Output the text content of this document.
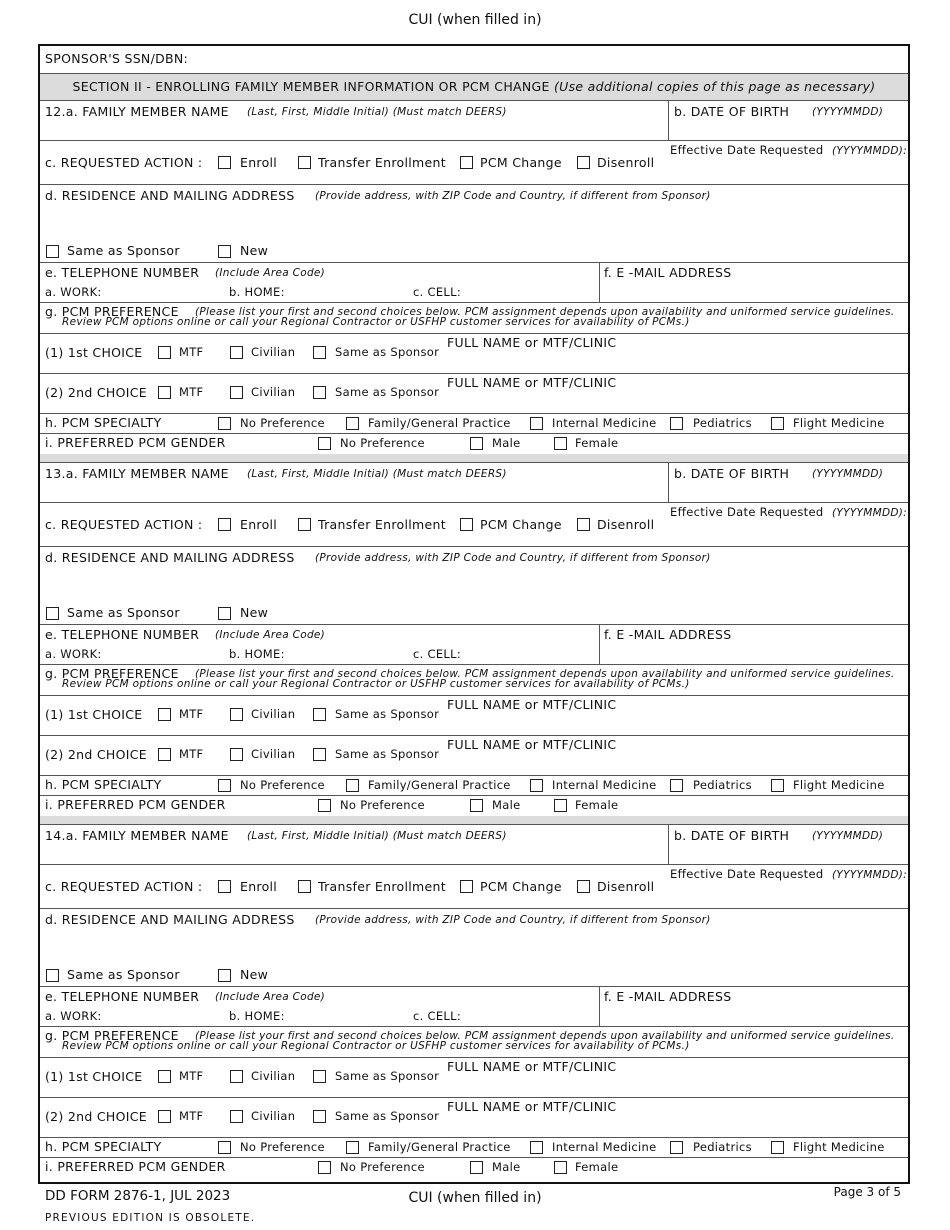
CUI (when filled in)
SPONSOR'S SSN/DBN:
SECTION II - ENROLLING FAMILY MEMBER INFORMATION OR PCM CHANGE (Use additional copies of this page as necessary)
12.a. FAMILY MEMBER NAME (Last, First, Middle Initial) (Must match DEERS)	b. DATE OF BIRTH (YYYYMMDD)
c. REQUESTED ACTION :	Enroll	Transfer Enrollment	PCM Change	Disenroll
Effective Date Requested (YYYYMMDD):
d. RESIDENCE AND MAILING ADDRESS (Provide address, with ZIP Code and Country, if different from Sponsor)
Same as Sponsor	New
e. TELEPHONE NUMBER (Include Area Code)
a. WORK:	b. HOME:	c. CELL:
f. E -MAIL ADDRESS
g. PCM PREFERENCE (Please list your first and second choices below. PCM assignment depends upon availability and uniformed service guidelines.
Review PCM options online or call your Regional Contractor or USFHP customer services for availability of PCMs.)
(1) 1st CHOICE	MTF	Civilian	Same as Sponsor
FULL NAME or MTF/CLINIC
(2) 2nd CHOICE	MTF	Civilian	Same as Sponsor
FULL NAME or MTF/CLINIC
h. PCM SPECIALTY	No Preference	Family/General Practice	Internal Medicine	Pediatrics	Flight Medicine
i. PREFERRED PCM GENDER	No Preference	Male	Female
13.a. FAMILY MEMBER NAME (Last, First, Middle Initial) (Must match DEERS)	b. DATE OF BIRTH (YYYYMMDD)
c. REQUESTED ACTION :	Enroll	Transfer Enrollment	PCM Change	Disenroll
Effective Date Requested (YYYYMMDD):
d. RESIDENCE AND MAILING ADDRESS (Provide address, with ZIP Code and Country, if different from Sponsor)
Same as Sponsor	New
e. TELEPHONE NUMBER (Include Area Code)
a. WORK:	b. HOME:	c. CELL:
f. E -MAIL ADDRESS
g. PCM PREFERENCE (Please list your first and second choices below. PCM assignment depends upon availability and uniformed service guidelines.
Review PCM options online or call your Regional Contractor or USFHP customer services for availability of PCMs.)
(1) 1st CHOICE	MTF	Civilian	Same as Sponsor
FULL NAME or MTF/CLINIC
(2) 2nd CHOICE	MTF	Civilian	Same as Sponsor
FULL NAME or MTF/CLINIC
h. PCM SPECIALTY	No Preference	Family/General Practice	Internal Medicine	Pediatrics	Flight Medicine
i. PREFERRED PCM GENDER	No Preference	Male	Female
14.a. FAMILY MEMBER NAME (Last, First, Middle Initial) (Must match DEERS)	b. DATE OF BIRTH (YYYYMMDD)
c. REQUESTED ACTION :	Enroll	Transfer Enrollment	PCM Change	Disenroll
Effective Date Requested (YYYYMMDD):
d. RESIDENCE AND MAILING ADDRESS (Provide address, with ZIP Code and Country, if different from Sponsor)
Same as Sponsor	New
e. TELEPHONE NUMBER (Include Area Code)
a. WORK:	b. HOME:	c. CELL:
f. E -MAIL ADDRESS
g. PCM PREFERENCE (Please list your first and second choices below. PCM assignment depends upon availability and uniformed service guidelines.
Review PCM options online or call your Regional Contractor or USFHP customer services for availability of PCMs.)
(1) 1st CHOICE	MTF	Civilian	Same as Sponsor
FULL NAME or MTF/CLINIC
(2) 2nd CHOICE	MTF	Civilian	Same as Sponsor
FULL NAME or MTF/CLINIC
h. PCM SPECIALTY	No Preference	Family/General Practice	Internal Medicine	Pediatrics	Flight Medicine
i. PREFERRED PCM GENDER	No Preference	Male	Female
DD FORM 2876-1, JUL 2023	CUI (when filled in)	Page 3 of 5
PREVIOUS EDITION IS OBSOLETE.
